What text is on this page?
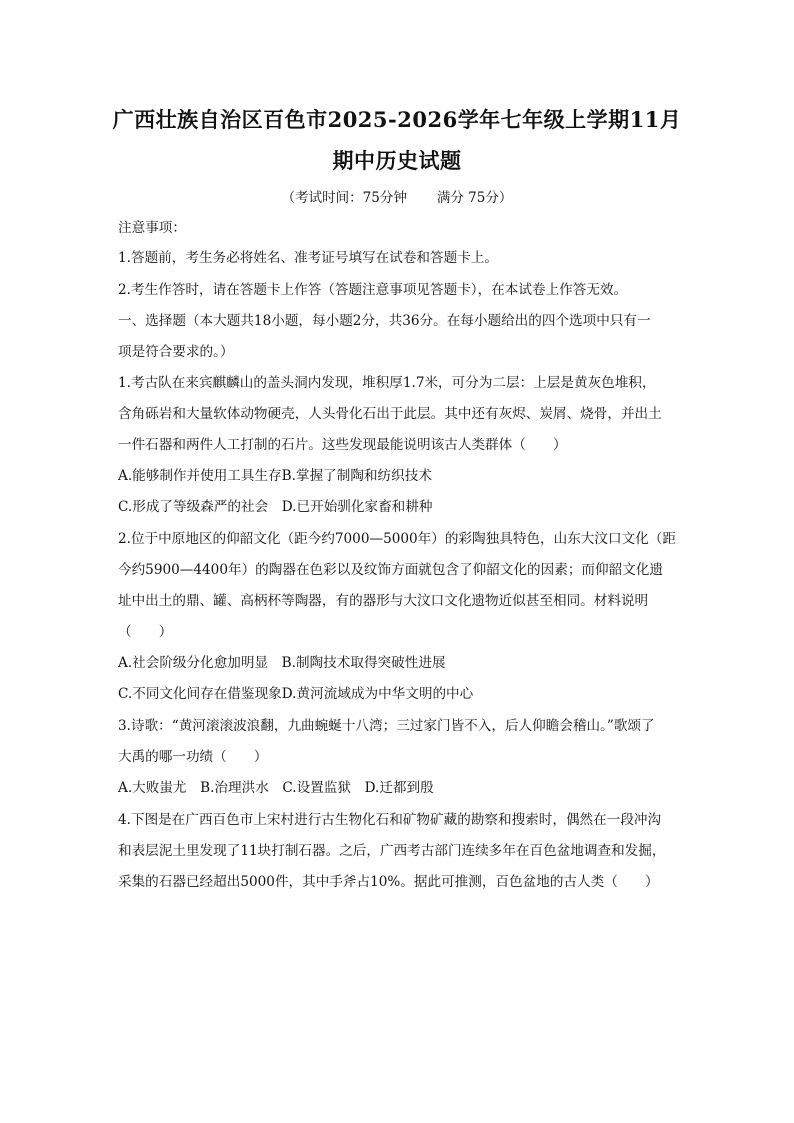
广西壮族自治区百色市2025-2026学年七年级上学期11月
期中历史试题
（考试时间：75分钟 满分 75分）
注意事项：
1.答题前，考生务必将姓名、准考证号填写在试卷和答题卡上。
2.考生作答时，请在答题卡上作答（答题注意事项见答题卡），在本试卷上作答无效。
一、选择题（本大题共18小题，每小题2分，共36分。在每小题给出的四个选项中只有一
项是符合要求的。）
1.考古队在来宾麒麟山的盖头洞内发现，堆积厚1.7米，可分为二层：上层是黄灰色堆积，
含角砾岩和大量软体动物硬壳，人头骨化石出于此层。其中还有灰烬、炭屑、烧骨，并出土
一件石器和两件人工打制的石片。这些发现最能说明该古人类群体（　　）
A.能够制作并使用工具生存B.掌握了制陶和纺织技术
C.形成了等级森严的社会　D.已开始驯化家畜和耕种
2.位于中原地区的仰韶文化（距今约7000—5000年）的彩陶独具特色，山东大汶口文化（距
今约5900—4400年）的陶器在色彩以及纹饰方面就包含了仰韶文化的因素；而仰韶文化遗
址中出土的鼎、罐、高柄杯等陶器，有的器形与大汶口文化遗物近似甚至相同。材料说明
（　　）
A.社会阶级分化愈加明显　B.制陶技术取得突破性进展
C.不同文化间存在借鉴现象D.黄河流域成为中华文明的中心
3.诗歌：“黄河滚滚波浪翻，九曲蜿蜒十八湾；三过家门皆不入，后人仰瞻会稽山。”歌颂了
大禹的哪一功绩（　　）
A.大败蚩尤　B.治理洪水　C.设置监狱　D.迁都到殷
4.下图是在广西百色市上宋村进行古生物化石和矿物矿藏的勘察和搜索时，偶然在一段冲沟
和表层泥土里发现了11块打制石器。之后，广西考古部门连续多年在百色盆地调查和发掘，
采集的石器已经超出5000件，其中手斧占10%。据此可推测，百色盆地的古人类（　　）
